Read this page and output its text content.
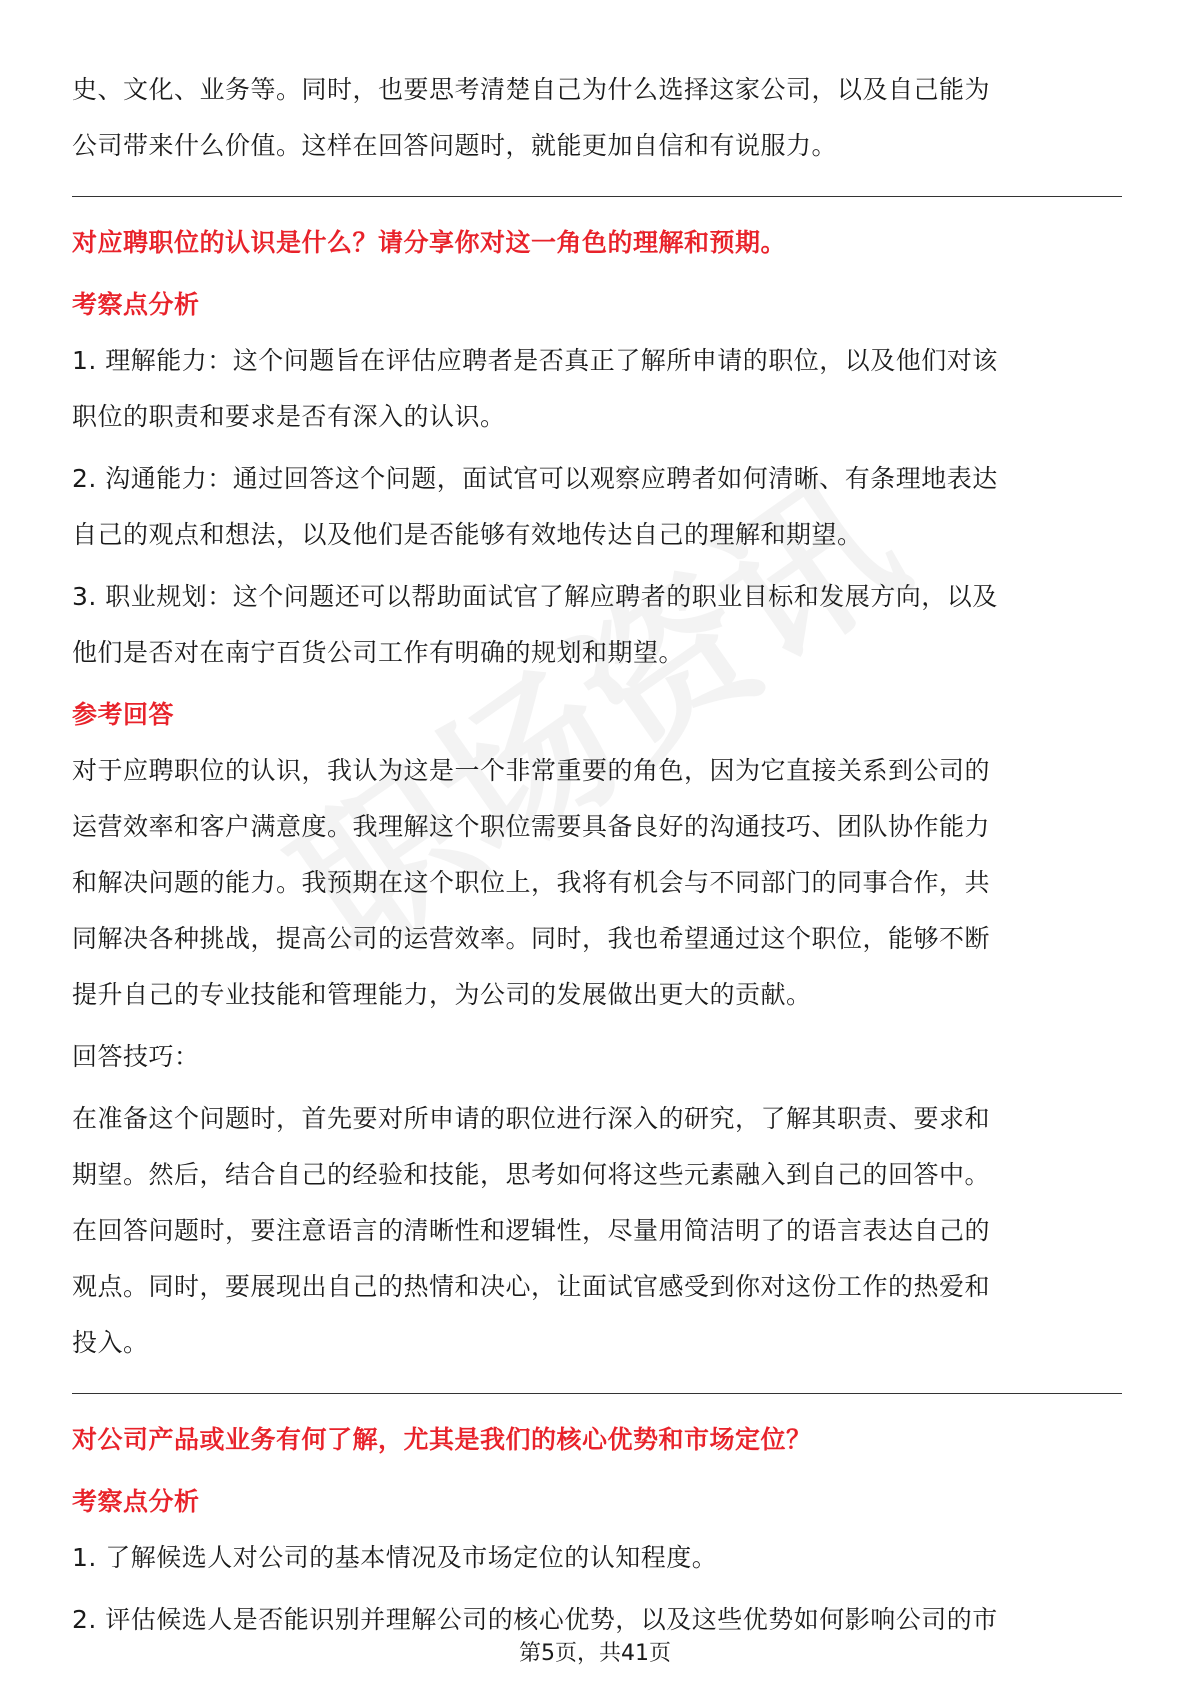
史、文化、业务等。同时，也要思考清楚自己为什么选择这家公司，以及自己能为

公司带来什么价值。这样在回答问题时，就能更加自信和有说服力。

对应聘职位的认识是什么？请分享你对这一角色的理解和预期。

考察点分析

1. 理解能力：这个问题旨在评估应聘者是否真正了解所申请的职位，以及他们对该

职位的职责和要求是否有深入的认识。

2. 沟通能力：通过回答这个问题，面试官可以观察应聘者如何清晰、有条理地表达

自己的观点和想法，以及他们是否能够有效地传达自己的理解和期望。

3. 职业规划：这个问题还可以帮助面试官了解应聘者的职业目标和发展方向，以及

他们是否对在南宁百货公司工作有明确的规划和期望。

参考回答

对于应聘职位的认识，我认为这是一个非常重要的角色，因为它直接关系到公司的

运营效率和客户满意度。我理解这个职位需要具备良好的沟通技巧、团队协作能力

和解决问题的能力。我预期在这个职位上，我将有机会与不同部门的同事合作，共

同解决各种挑战，提高公司的运营效率。同时，我也希望通过这个职位，能够不断

提升自己的专业技能和管理能力，为公司的发展做出更大的贡献。

回答技巧：

在准备这个问题时，首先要对所申请的职位进行深入的研究，了解其职责、要求和

期望。然后，结合自己的经验和技能，思考如何将这些元素融入到自己的回答中。

在回答问题时，要注意语言的清晰性和逻辑性，尽量用简洁明了的语言表达自己的

观点。同时，要展现出自己的热情和决心，让面试官感受到你对这份工作的热爱和

投入。

对公司产品或业务有何了解，尤其是我们的核心优势和市场定位？

考察点分析

1. 了解候选人对公司的基本情况及市场定位的认知程度。

2. 评估候选人是否能识别并理解公司的核心优势，以及这些优势如何影响公司的市

第5页，共41页
